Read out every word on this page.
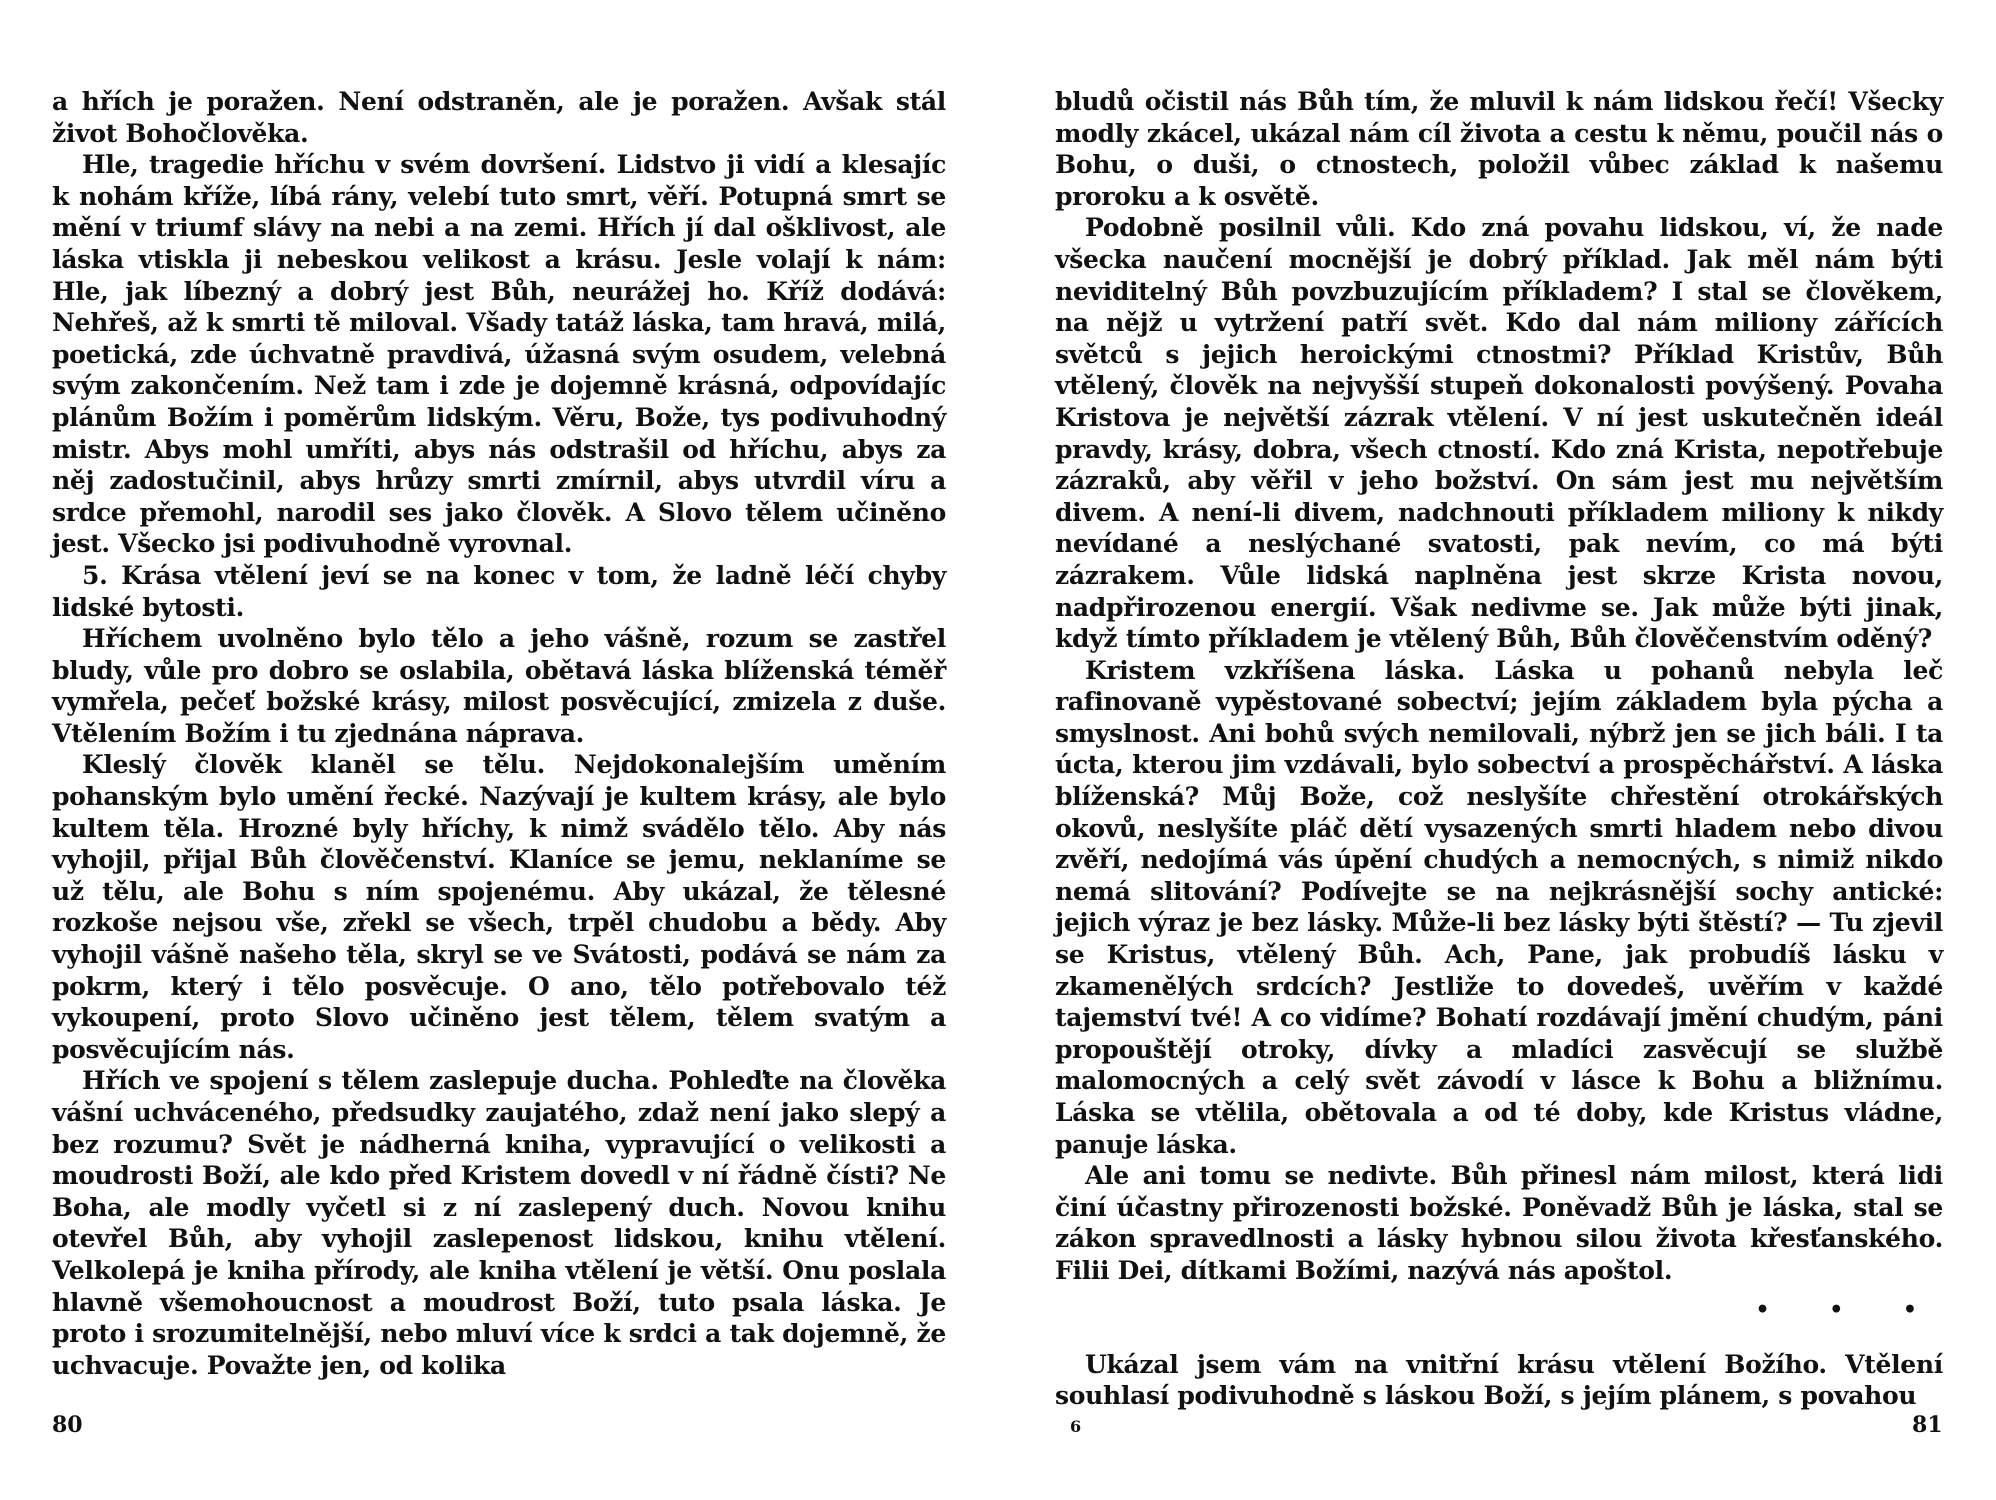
a hřích je poražen. Není odstraněn, ale je poražen. Avšak stál život Bohočlověka.

Hle, tragedie hříchu v svém dovršení. Lidstvo ji vidí a klesajíc k nohám kříže, líbá rány, velebí tuto smrt, věří. Potupná smrt se mění v triumf slávy na nebi a na zemi. Hřích jí dal ošklivost, ale láska vtiskla ji nebeskou velikost a krásu. Jesle volají k nám: Hle, jak líbezný a dobrý jest Bůh, neurážej ho. Kříž dodává: Nehřeš, až k smrti tě miloval. Všady tatáž láska, tam hravá, milá, poetická, zde úchvatně pravdivá, úžasná svým osudem, velebná svým zakončením. Než tam i zde je dojemně krásná, odpovídajíc plánům Božím i poměrům lidským. Věru, Bože, tys podivuhodný mistr. Abys mohl umříti, abys nás odstrašil od hříchu, abys za něj zadostučinil, abys hrůzy smrti zmírnil, abys utvrdil víru a srdce přemohl, narodil ses jako člověk. A Slovo tělem učiněno jest. Všecko jsi podivuhodně vyrovnal.

5. Krása vtělení jeví se na konec v tom, že ladně léčí chyby lidské bytosti.

Hříchem uvolněno bylo tělo a jeho vášně, rozum se zastřel bludy, vůle pro dobro se oslabila, obětavá láska blíženská téměř vymřela, pečeť božské krásy, milost posvěcující, zmizela z duše. Vtělením Božím i tu zjednána náprava.

Kleslý člověk klaněl se tělu. Nejdokonalejším uměním pohanským bylo umění řecké. Nazývají je kultem krásy, ale bylo kultem těla. Hrozné byly hříchy, k nimž svádělo tělo. Aby nás vyhojil, přijal Bůh člověčenství. Klaníce se jemu, neklaníme se už tělu, ale Bohu s ním spojenému. Aby ukázal, že tělesné rozkoše nejsou vše, zřekl se všech, trpěl chudobu a bědy. Aby vyhojil vášně našeho těla, skryl se ve Svátosti, podává se nám za pokrm, který i tělo posvěcuje. O ano, tělo potřebovalo též vykoupení, proto Slovo učiněno jest tělem, tělem svatým a posvěcujícím nás.

Hřích ve spojení s tělem zaslepuje ducha. Pohleďte na člověka vášní uchváceného, předsudky zaujatého, zdaž není jako slepý a bez rozumu? Svět je nádherná kniha, vypravující o velikosti a moudrosti Boží, ale kdo před Kristem dovedl v ní řádně čísti? Ne Boha, ale modly vyčetl si z ní zaslepený duch. Novou knihu otevřel Bůh, aby vyhojil zaslepenost lidskou, knihu vtělení. Velkolepá je kniha přírody, ale kniha vtělení je větší. Onu poslala hlavně všemohoucnost a moudrost Boží, tuto psala láska. Je proto i srozumitelnější, nebo mluví více k srdci a tak dojemně, že uchvacuje. Považte jen, od kolika

bludů očistil nás Bůh tím, že mluvil k nám lidskou řečí! Všecky modly zkácel, ukázal nám cíl života a cestu k němu, poučil nás o Bohu, o duši, o ctnostech, položil vůbec základ k našemu proroku a k osvětě.

Podobně posilnil vůli. Kdo zná povahu lidskou, ví, že nade všecka naučení mocnější je dobrý příklad. Jak měl nám býti neviditelný Bůh povzbuzujícím příkladem? I stal se člověkem, na nějž u vytržení patří svět. Kdo dal nám miliony zářících světců s jejich heroickými ctnostmi? Příklad Kristův, Bůh vtělený, člověk na nejvyšší stupeň dokonalosti povýšený. Povaha Kristova je největší zázrak vtělení. V ní jest uskutečněn ideál pravdy, krásy, dobra, všech ctností. Kdo zná Krista, nepotřebuje zázraků, aby věřil v jeho božství. On sám jest mu největším divem. A není-li divem, nadchnouti příkladem miliony k nikdy nevídané a neslýchané svatosti, pak nevím, co má býti zázrakem. Vůle lidská naplněna jest skrze Krista novou, nadpřirozenou energií. Však nedivme se. Jak může býti jinak, když tímto příkladem je vtělený Bůh, Bůh člověčenstvím oděný?

Kristem vzkříšena láska. Láska u pohanů nebyla leč rafinovaně vypěstované sobectví; jejím základem byla pýcha a smyslnost. Ani bohů svých nemilovali, nýbrž jen se jich báli. I ta úcta, kterou jim vzdávali, bylo sobectví a prospěchářství. A láska blíženská? Můj Bože, což neslyšíte chřestění otrokářských okovů, neslyšíte pláč dětí vysazených smrti hladem nebo divou zvěří, nedojímá vás úpění chudých a nemocných, s nimiž nikdo nemá slitování? Podívejte se na nejkrásnější sochy antické: jejich výraz je bez lásky. Může-li bez lásky býti štěstí? — Tu zjevil se Kristus, vtělený Bůh. Ach, Pane, jak probudíš lásku v zkamenělých srdcích? Jestliže to dovedeš, uvěřím v každé tajemství tvé! A co vidíme? Bohatí rozdávají jmění chudým, páni propouštějí otroky, dívky a mladíci zasvěcují se službě malomocných a celý svět závodí v lásce k Bohu a bližnímu. Láska se vtělila, obětovala a od té doby, kde Kristus vládne, panuje láska.

Ale ani tomu se nedivte. Bůh přinesl nám milost, která lidi činí účastny přirozenosti božské. Poněvadž Bůh je láska, stal se zákon spravedlnosti a lásky hybnou silou života křesťanského. Filii Dei, dítkami Božími, nazývá nás apoštol.

• • •

Ukázal jsem vám na vnitřní krásu vtělení Božího. Vtělení souhlasí podivuhodně s láskou Boží, s jejím plánem, s povahou

80	6	81
